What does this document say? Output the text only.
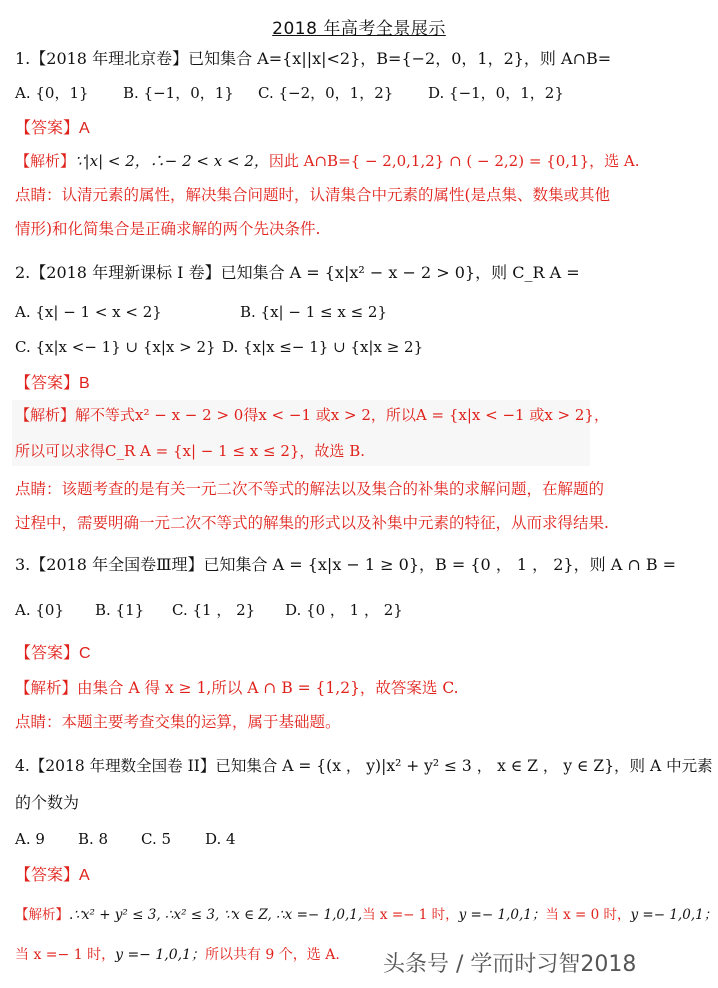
2018 年高考全景展示
1.【2018 年理北京卷】已知集合 A={x||x|<2}，B={−2，0，1，2}，则 A∩B=
A. {0，1} B. {−1，0，1} C. {−2，0，1，2} D. {−1，0，1，2}
【答案】A
【解析】∵|x| < 2，∴− 2 < x < 2，因此 A∩B={ − 2,0,1,2} ∩ ( − 2,2) = {0,1}，选 A.
点睛：认清元素的属性，解决集合问题时，认清集合中元素的属性(是点集、数集或其他
情形)和化简集合是正确求解的两个先决条件.
2.【2018 年理新课标 I 卷】已知集合 A = {x|x² − x − 2 > 0}，则 C_R A =
A. {x| − 1 < x < 2}	B. {x| − 1 ≤ x ≤ 2}
C. {x|x <− 1} ∪ {x|x > 2} D. {x|x ≤− 1} ∪ {x|x ≥ 2}
【答案】B
【解析】解不等式x² − x − 2 > 0得x < −1 或x > 2，所以A = {x|x < −1 或x > 2}，
所以可以求得C_R A = {x| − 1 ≤ x ≤ 2}，故选 B.
点睛：该题考查的是有关一元二次不等式的解法以及集合的补集的求解问题，在解题的
过程中，需要明确一元二次不等式的解集的形式以及补集中元素的特征，从而求得结果.
3.【2018 年全国卷Ⅲ理】已知集合 A = {x|x − 1 ≥ 0}，B = {0 ， 1 ， 2}，则 A ∩ B =
A. {0} B. {1} C. {1 ， 2} D. {0 ， 1 ， 2}
【答案】C
【解析】由集合 A 得 x ≥ 1,所以 A ∩ B = {1,2}，故答案选 C.
点睛：本题主要考查交集的运算，属于基础题。
4.【2018 年理数全国卷 II】已知集合 A = {(x ， y)|x² + y² ≤ 3 ， x ∈ Z ， y ∈ Z}，则 A 中元素
的个数为
A. 9 B. 8 C. 5 D. 4
【答案】A
【解析】.∵x² + y² ≤ 3, ∴x² ≤ 3, ∵x ∈ Z, ∴x =− 1,0,1,当 x =− 1 时，y =− 1,0,1；当 x = 0 时，y =− 1,0,1；
当 x =− 1 时，y =− 1,0,1；所以共有 9 个，选 A.	头条号 / 学而时习智2018
